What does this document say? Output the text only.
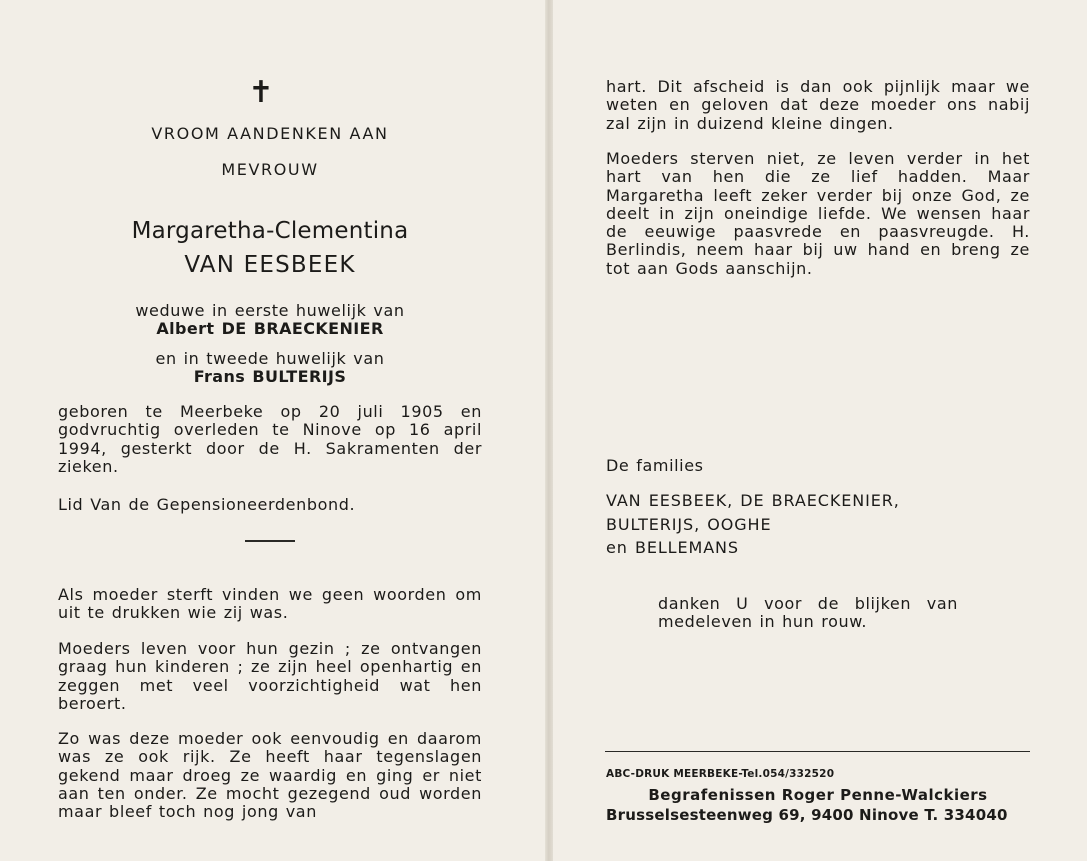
✝
VROOM AANDENKEN AAN
MEVROUW
Margaretha-Clementina
VAN EESBEEK
weduwe in eerste huwelijk van
Albert DE BRAECKENIER
en in tweede huwelijk van
Frans BULTERIJS

geboren te Meerbeke op 20 juli 1905 en godvruchtig overleden te Ninove op 16 april 1994, gesterkt door de H. Sakramenten der zieken.

Lid Van de Gepensioneerdenbond.

Als moeder sterft vinden we geen woorden om uit te drukken wie zij was.

Moeders leven voor hun gezin ; ze ontvangen graag hun kinderen ; ze zijn heel openhartig en zeggen met veel voorzichtigheid wat hen beroert.

Zo was deze moeder ook eenvoudig en daarom was ze ook rijk. Ze heeft haar tegenslagen gekend maar droeg ze waardig en ging er niet aan ten onder. Ze mocht gezegend oud worden maar bleef toch nog jong van

hart. Dit afscheid is dan ook pijnlijk maar we weten en geloven dat deze moeder ons nabij zal zijn in duizend kleine dingen.

Moeders sterven niet, ze leven verder in het hart van hen die ze lief hadden. Maar Margaretha leeft zeker verder bij onze God, ze deelt in zijn oneindige liefde. We wensen haar de eeuwige paasvrede en paasvreugde. H. Berlindis, neem haar bij uw hand en breng ze tot aan Gods aanschijn.

De families
VAN EESBEEK, DE BRAECKENIER,
BULTERIJS, OOGHE
en BELLEMANS

danken U voor de blijken van medeleven in hun rouw.

ABC-DRUK MEERBEKE-Tel.054/332520
Begrafenissen Roger Penne-Walckiers
Brusselsesteenweg 69, 9400 Ninove T. 334040
